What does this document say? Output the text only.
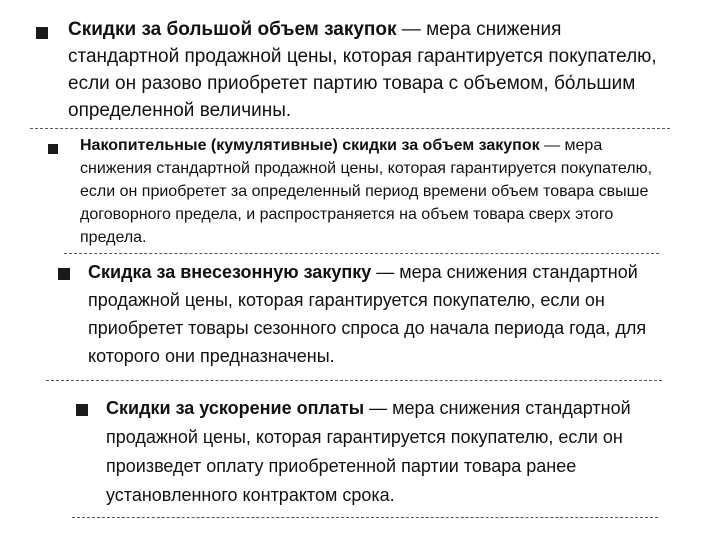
Скидки за большой объем закупок — мера снижения стандартной продажной цены, которая гарантируется покупателю, если он разово приобретет партию товара с объемом, бо́льшим определенной величины.

Накопительные (кумулятивные) скидки за объем закупок — мера снижения стандартной продажной цены, которая гарантируется покупателю, если он приобретет за определенный период времени объем товара свыше договорного предела, и распространяется на объем товара сверх этого предела.

Скидка за внесезонную закупку — мера снижения стандартной продажной цены, которая гарантируется покупателю, если он приобретет товары сезонного спроса до начала периода года, для которого они предназначены.

Скидки за ускорение оплаты — мера снижения стандартной продажной цены, которая гарантируется покупателю, если он произведет оплату приобретенной партии товара ранее установленного контрактом срока.
